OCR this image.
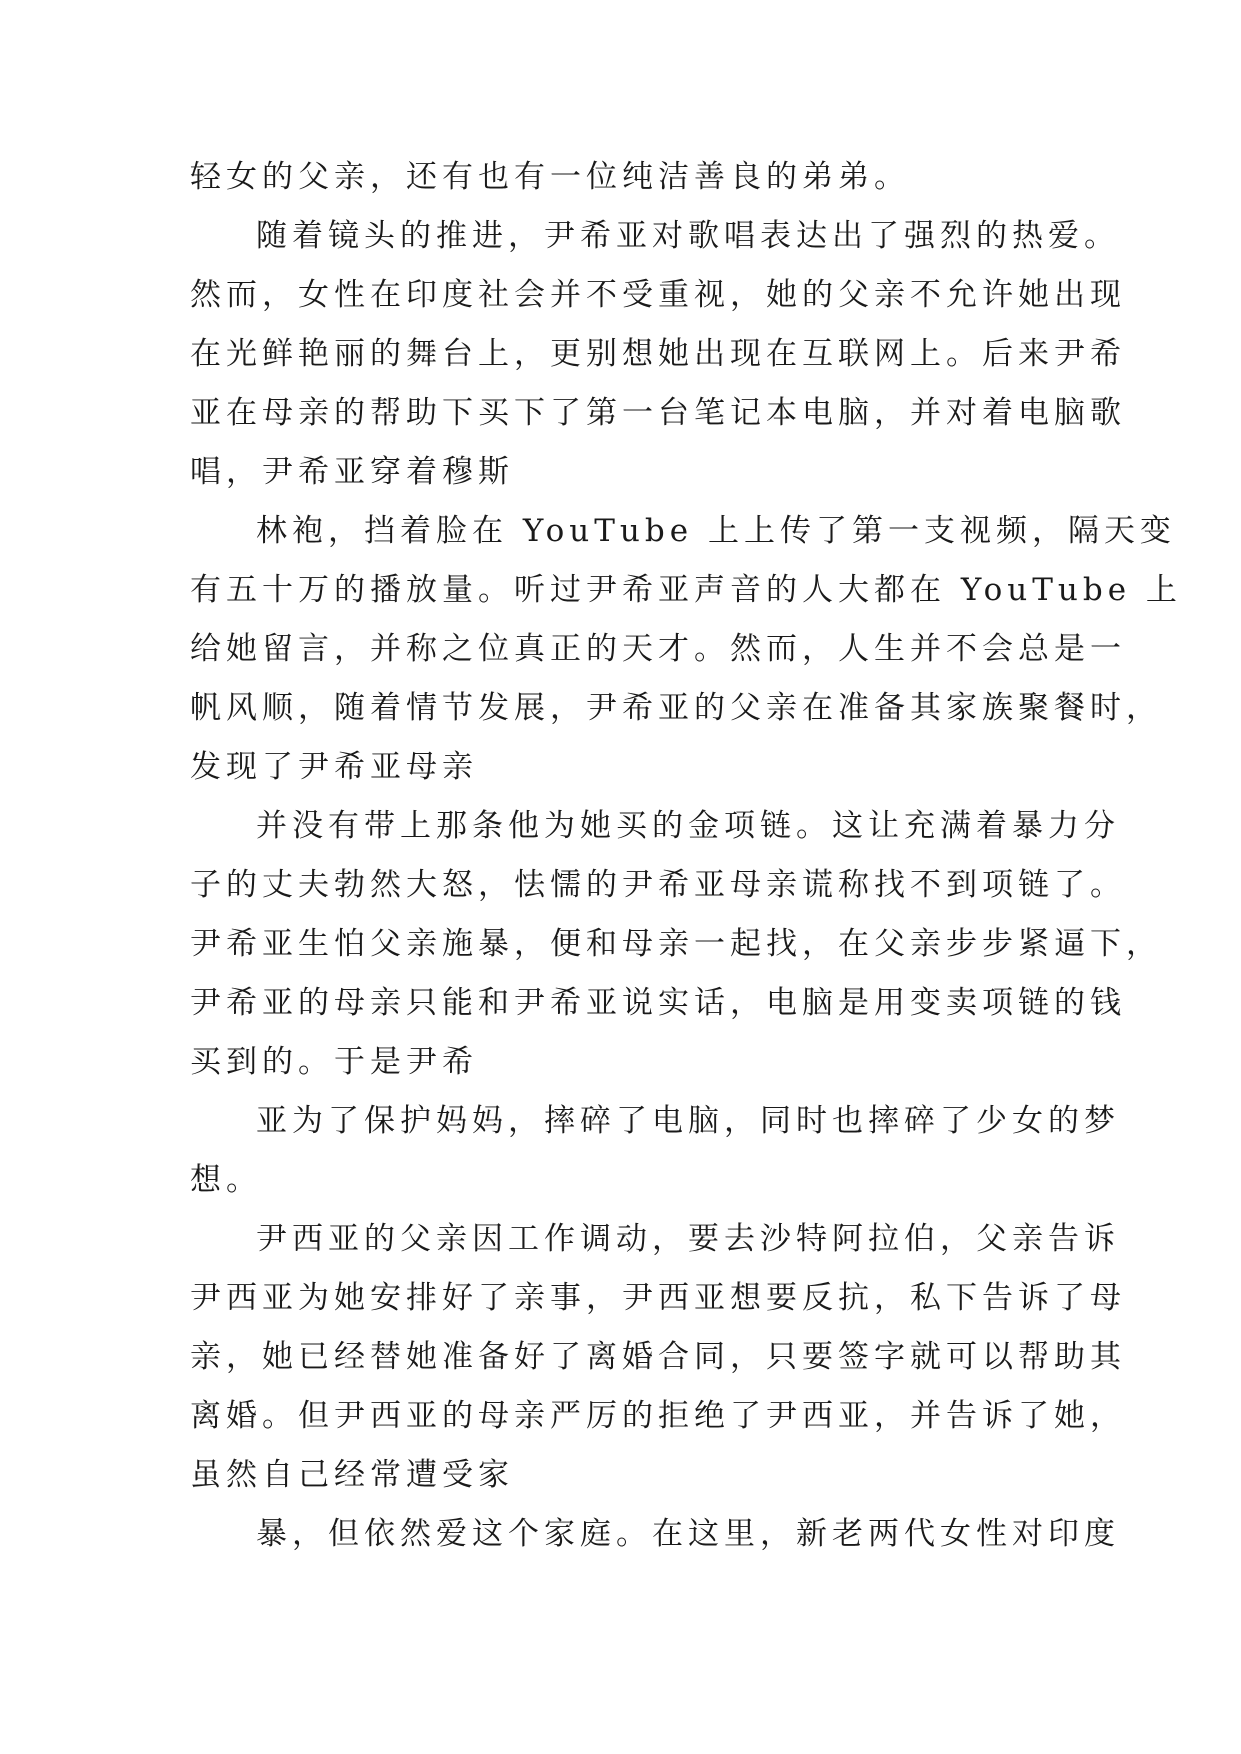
轻女的父亲，还有也有一位纯洁善良的弟弟。
随着镜头的推进，尹希亚对歌唱表达出了强烈的热爱。
然而，女性在印度社会并不受重视，她的父亲不允许她出现
在光鲜艳丽的舞台上，更别想她出现在互联网上。后来尹希
亚在母亲的帮助下买下了第一台笔记本电脑，并对着电脑歌
唱，尹希亚穿着穆斯
林袍，挡着脸在 YouTube 上上传了第一支视频，隔天变
有五十万的播放量。听过尹希亚声音的人大都在 YouTube 上
给她留言，并称之位真正的天才。然而，人生并不会总是一
帆风顺，随着情节发展，尹希亚的父亲在准备其家族聚餐时，
发现了尹希亚母亲
并没有带上那条他为她买的金项链。这让充满着暴力分
子的丈夫勃然大怒，怯懦的尹希亚母亲谎称找不到项链了。
尹希亚生怕父亲施暴，便和母亲一起找，在父亲步步紧逼下，
尹希亚的母亲只能和尹希亚说实话，电脑是用变卖项链的钱
买到的。于是尹希
亚为了保护妈妈，摔碎了电脑，同时也摔碎了少女的梦
想。
尹西亚的父亲因工作调动，要去沙特阿拉伯，父亲告诉
尹西亚为她安排好了亲事，尹西亚想要反抗，私下告诉了母
亲，她已经替她准备好了离婚合同，只要签字就可以帮助其
离婚。但尹西亚的母亲严厉的拒绝了尹西亚，并告诉了她，
虽然自己经常遭受家
暴，但依然爱这个家庭。在这里，新老两代女性对印度
